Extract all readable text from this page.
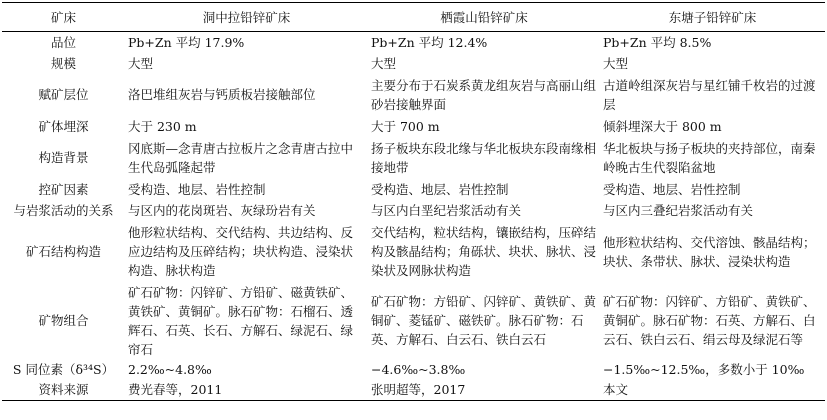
矿床	洞中拉铅锌矿床	栖霞山铅锌矿床	东塘子铅锌矿床
品位	Pb+Zn 平均 17.9%	Pb+Zn 平均 12.4%	Pb+Zn 平均 8.5%
规模	大型	大型	大型
赋矿层位	洛巴堆组灰岩与钙质板岩接触部位	主要分布于石炭系黄龙组灰岩与高丽山组砂岩接触界面	古道岭组深灰岩与星红铺千枚岩的过渡层
矿体埋深	大于 230 m	大于 700 m	倾斜埋深大于 800 m
构造背景	冈底斯—念青唐古拉板片之念青唐古拉中生代岛弧隆起带	扬子板块东段北缘与华北板块东段南缘相接地带	华北板块与扬子板块的夹持部位，南秦岭晚古生代裂陷盆地
控矿因素	受构造、地层、岩性控制	受构造、地层、岩性控制	受构造、地层、岩性控制
与岩浆活动的关系	与区内的花岗斑岩、灰绿玢岩有关	与区内白垩纪岩浆活动有关	与区内三叠纪岩浆活动有关
矿石结构构造	他形粒状结构、交代结构、共边结构、反应边结构及压碎结构；块状构造、浸染状构造、脉状构造	交代结构，粒状结构，镶嵌结构，压碎结构及骸晶结构；角砾状、块状、脉状、浸染状及网脉状构造	他形粒状结构、交代溶蚀、骸晶结构；块状、条带状、脉状、浸染状构造
矿物组合	矿石矿物：闪锌矿、方铅矿、磁黄铁矿、黄铁矿、黄铜矿。脉石矿物：石榴石、透辉石、石英、长石、方解石、绿泥石、绿帘石	矿石矿物：方铅矿、闪锌矿、黄铁矿、黄铜矿、菱锰矿、磁铁矿。脉石矿物：石英、方解石、白云石、铁白云石	矿石矿物：闪锌矿、方铅矿、黄铁矿、黄铜矿。脉石矿物：石英、方解石、白云石、铁白云石、绢云母及绿泥石等
S 同位素（δ³⁴S）	2.2‰~4.8‰	−4.6‰~3.8‰	−1.5‰~12.5‰，多数小于 10‰
资料来源	费光春等，2011	张明超等，2017	本文
